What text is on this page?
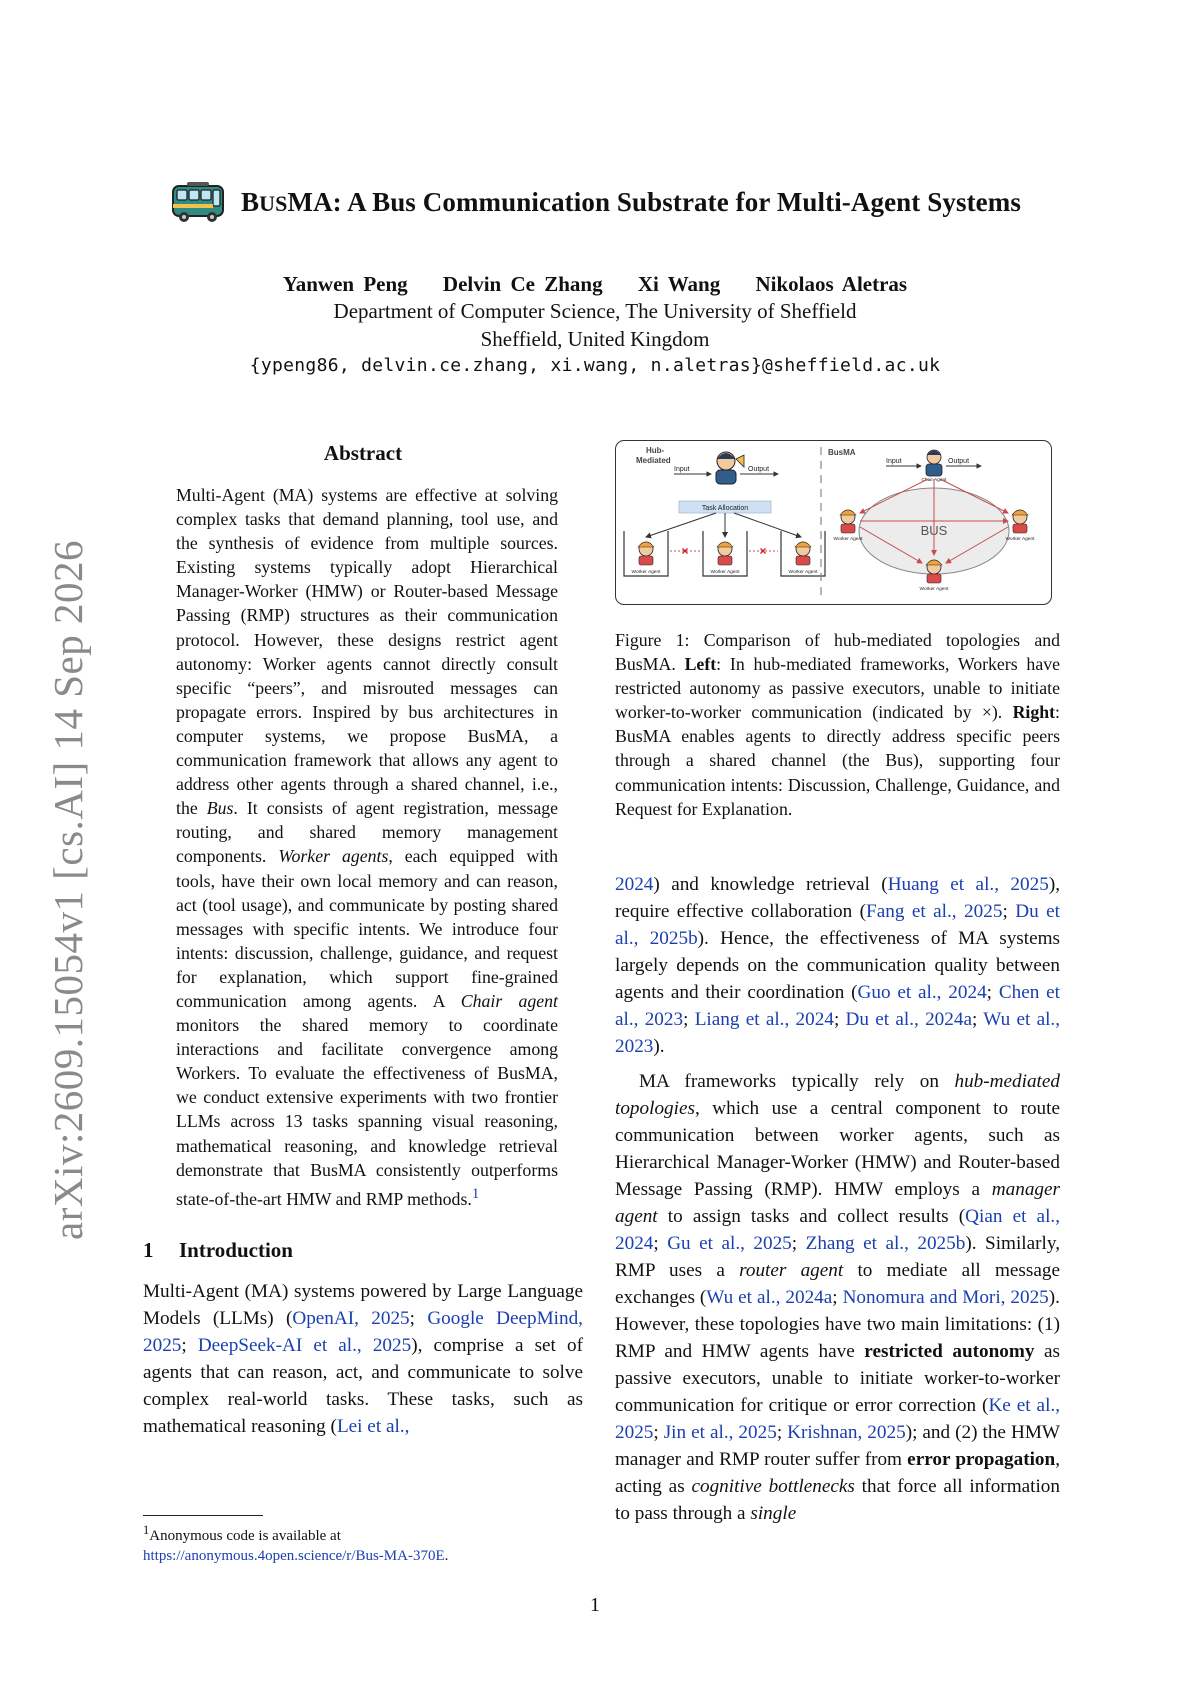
arXiv:2609.15054v1 [cs.AI] 14 Sep 2026
BUSMA: A Bus Communication Substrate for Multi-Agent Systems
Yanwen Peng Delvin Ce Zhang Xi Wang Nikolaos Aletras
Department of Computer Science, The University of Sheffield
Sheffield, United Kingdom
{ypeng86, delvin.ce.zhang, xi.wang, n.aletras}@sheffield.ac.uk
Abstract
Multi-Agent (MA) systems are effective at solving complex tasks that demand planning, tool use, and the synthesis of evidence from multiple sources. Existing systems typically adopt Hierarchical Manager-Worker (HMW) or Router-based Message Passing (RMP) structures as their communication protocol. However, these designs restrict agent autonomy: Worker agents cannot directly consult specific “peers”, and misrouted messages can propagate errors. Inspired by bus architectures in computer systems, we propose BusMA, a communication framework that allows any agent to address other agents through a shared channel, i.e., the Bus. It consists of agent registration, message routing, and shared memory management components. Worker agents, each equipped with tools, have their own local memory and can reason, act (tool usage), and communicate by posting shared messages with specific intents. We introduce four intents: discussion, challenge, guidance, and request for explanation, which support fine-grained communication among agents. A Chair agent monitors the shared memory to coordinate interactions and facilitate convergence among Workers. To evaluate the effectiveness of BusMA, we conduct extensive experiments with two frontier LLMs across 13 tasks spanning visual reasoning, mathematical reasoning, and knowledge retrieval demonstrate that BusMA consistently outperforms state-of-the-art HMW and RMP methods.$^1$
1 Introduction

Multi-Agent (MA) systems powered by Large Language Models (LLMs) (OpenAI, 2025; Google DeepMind, 2025; DeepSeek-AI et al., 2025), comprise a set of agents that can reason, act, and communicate to solve complex real-world tasks. These tasks, such as mathematical reasoning (Lei et al.,

$^1$Anonymous code is available at https://anonymous.4open.science/r/Bus-MA-370E.
Hub-
Mediated
Input	Output
Task Allocation
Worker Agent	Worker Agent	Worker Agent
×	×
BusMA
BUS
Chair Agent
Input	Output
Worker Agent	Worker Agent
Worker Agent
Figure 1: Comparison of hub-mediated topologies and BusMA. Left: In hub-mediated frameworks, Workers have restricted autonomy as passive executors, unable to initiate worker-to-worker communication (indicated by ×). Right: BusMA enables agents to directly address specific peers through a shared channel (the Bus), supporting four communication intents: Discussion, Challenge, Guidance, and Request for Explanation.

2024) and knowledge retrieval (Huang et al., 2025), require effective collaboration (Fang et al., 2025; Du et al., 2025b). Hence, the effectiveness of MA systems largely depends on the communication quality between agents and their coordination (Guo et al., 2024; Chen et al., 2023; Liang et al., 2024; Du et al., 2024a; Wu et al., 2023).

MA frameworks typically rely on hub-mediated topologies, which use a central component to route communication between worker agents, such as Hierarchical Manager-Worker (HMW) and Router-based Message Passing (RMP). HMW employs a manager agent to assign tasks and collect results (Qian et al., 2024; Gu et al., 2025; Zhang et al., 2025b). Similarly, RMP uses a router agent to mediate all message exchanges (Wu et al., 2024a; Nonomura and Mori, 2025). However, these topologies have two main limitations: (1) RMP and HMW agents have restricted autonomy as passive executors, unable to initiate worker-to-worker communication for critique or error correction (Ke et al., 2025; Jin et al., 2025; Krishnan, 2025); and (2) the HMW manager and RMP router suffer from error propagation, acting as cognitive bottlenecks that force all information to pass through a single

1
